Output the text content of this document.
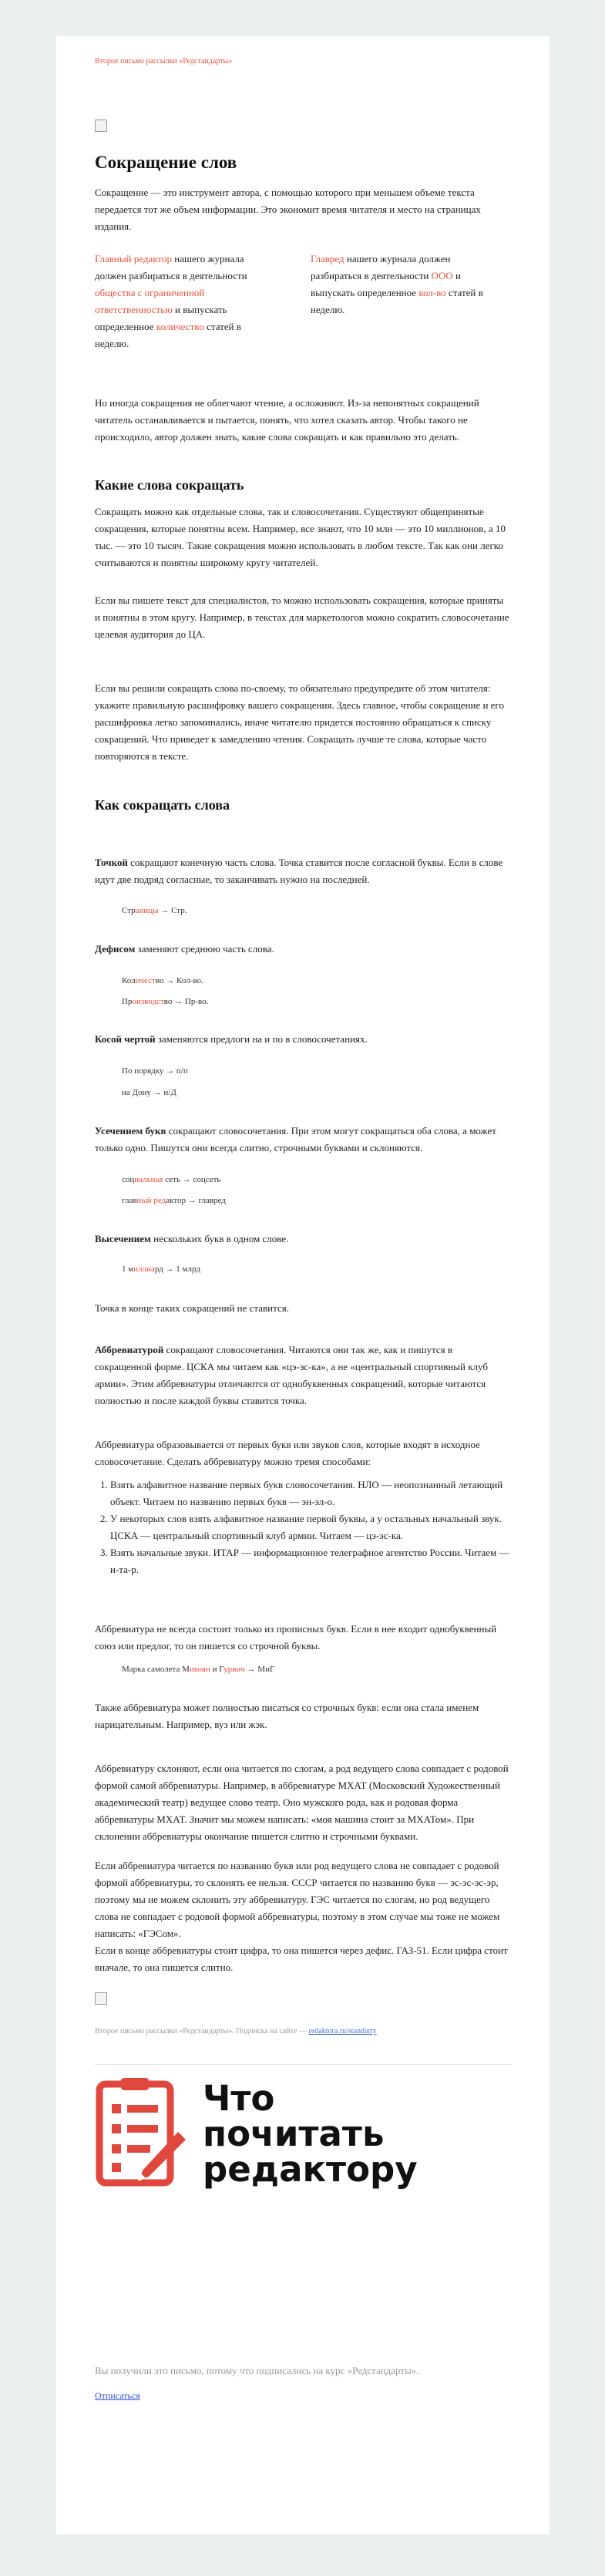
Второе письмо рассылки «Редстандарты»
Сокращение слов

Сокращение — это инструмент автора, с помощью которого при меньшем объеме текста передается тот же объем информации. Это экономит время читателя и место на страницах издания.

Главный редактор нашего журнала должен разбираться в деятельности общества с ограниченной ответственностью и выпускать определенное количество статей в неделю.

Главред нашего журнала должен разбираться в деятельности ООО и выпускать определенное кол-во статей в неделю.

Но иногда сокращения не облегчают чтение, а осложняют. Из-за непонятных сокращений читатель останавливается и пытается, понять, что хотел сказать автор. Чтобы такого не происходило, автор должен знать, какие слова сокращать и как правильно это делать.

Какие слова сокращать

Сокращать можно как отдельные слова, так и словосочетания. Существуют общепринятые сокращения, которые понятны всем. Например, все знают, что 10 млн — это 10 миллионов, а 10 тыс. — это 10 тысяч. Такие сокращения можно использовать в любом тексте. Так как они легко считываются и понятны широкому кругу читателей.

Если вы пишете текст для специалистов, то можно использовать сокращения, которые приняты и понятны в этом кругу. Например, в текстах для маркетологов можно сократить словосочетание целевая аудитория до ЦА.

Если вы решили сокращать слова по-своему, то обязательно предупредите об этом читателя: укажите правильную расшифровку вашего сокращения. Здесь главное, чтобы сокращение и его расшифровка легко запоминались, иначе читателю придется постоянно обращаться к списку сокращений. Что приведет к замедлению чтения. Сокращать лучше те слова, которые часто повторяются в тексте.

Как сокращать слова

Точкой сокращают конечную часть слова. Точка ставится после согласной буквы. Если в слове идут две подряд согласные, то заканчивать нужно на последней.

Страницы → Стр.

Дефисом заменяют среднюю часть слова.

Количество → Кол-во.

Производство → Пр-во.

Косой чертой заменяются предлоги на и по в словосочетаниях.

По порядку → п/п

на Дону → н/Д

Усечением букв сокращают словосочетания. При этом могут сокращаться оба слова, а может только одно. Пишутся они всегда слитно, строчными буквами и склоняются.

социальная сеть → соцсеть

главный редактор → главред

Высечением нескольких букв в одном слове.

1 миллиард → 1 млрд

Точка в конце таких сокращений не ставится.

Аббревиатурой сокращают словосочетания. Читаются они так же, как и пишутся в сокращенной форме. ЦСКА мы читаем как «цэ-эс-ка», а не «центральный спортивный клуб армии». Этим аббревиатуры отличаются от однобуквенных сокращений, которые читаются полностью и после каждой буквы ставится точка.

Аббревиатура образовывается от первых букв или звуков слов, которые входят в исходное словосочетание. Сделать аббревиатуру можно тремя способами:

1. Взять алфавитное название первых букв словосочетания. НЛО — неопознанный летающий объект. Читаем по названию первых букв — эн-эл-о.
2. У некоторых слов взять алфавитное название первой буквы, а у остальных начальный звук. ЦСКА — центральный спортивный клуб армии. Читаем — цэ-эс-ка.
3. Взять начальные звуки. ИТАР — информационное телеграфное агентство России. Читаем — и-та-р.

Аббревиатура не всегда состоит только из прописных букв. Если в нее входит однобуквенный союз или предлог, то он пишется со строчной буквы.

Марка самолета Микоян и Гурвич → МиГ

Также аббревиатура может полностью писаться со строчных букв: если она стала именем нарицательным. Например, вуз или жэк.

Аббревиатуру склоняют, если она читается по слогам, а род ведущего слова совпадает с родовой формой самой аббревиатуры. Например, в аббревиатуре МХАТ (Московский Художественный академический театр) ведущее слово театр. Оно мужского рода, как и родовая форма аббревиатуры МХАТ. Значит мы можем написать: «моя машина стоит за МХАТом». При склонении аббревиатуры окончание пишется слитно и строчными буквами.

Если аббревиатура читается по названию букв или род ведущего слова не совпадает с родовой формой аббревиатуры, то склонять ее нельзя. СССР читается по названию букв — эс-эс-эс-эр, поэтому мы не можем склонить эту аббревиатуру. ГЭС читается по слогам, но род ведущего слова не совпадает с родовой формой аббревиатуры, поэтому в этом случае мы тоже не можем написать: «ГЭСом».

Если в конце аббревиатуры стоит цифра, то она пишется через дефис. ГАЗ-51. Если цифра стоит вначале, то она пишется слитно.

Второе письмо рассылки «Редстандарты». Подписка на сайте — redaktora.ru/standarty
Что
почитать
редактору
Вы получили это письмо, потому что подписались на курс «Редстандарты».
Отписаться
